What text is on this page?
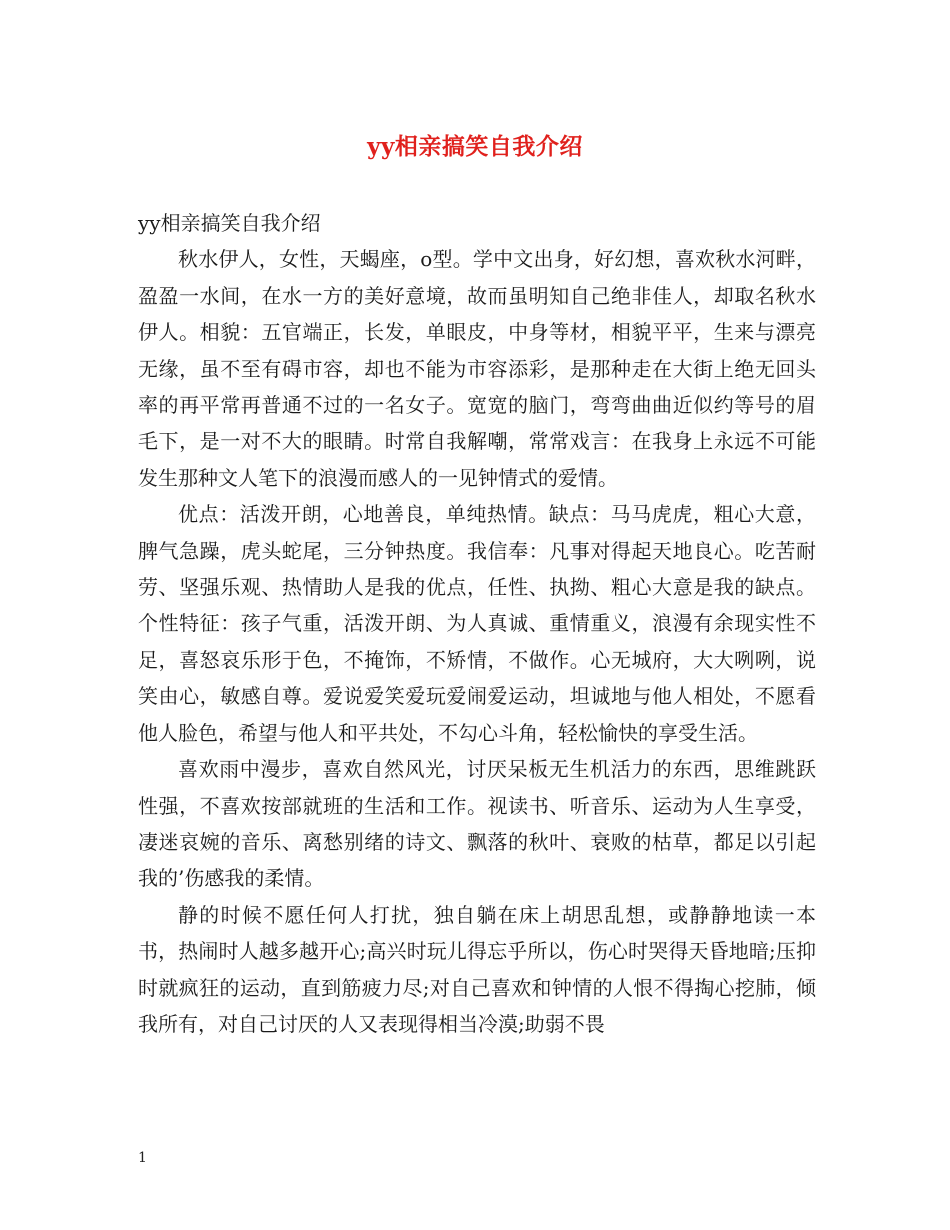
yy相亲搞笑自我介绍

yy相亲搞笑自我介绍

秋水伊人，女性，天蝎座，o型。学中文出身，好幻想，喜欢秋水河畔，盈盈一水间，在水一方的美好意境，故而虽明知自己绝非佳人，却取名秋水伊人。相貌：五官端正，长发，单眼皮，中身等材，相貌平平，生来与漂亮无缘，虽不至有碍市容，却也不能为市容添彩，是那种走在大街上绝无回头率的再平常再普通不过的一名女子。宽宽的脑门，弯弯曲曲近似约等号的眉毛下，是一对不大的眼睛。时常自我解嘲，常常戏言：在我身上永远不可能发生那种文人笔下的浪漫而感人的一见钟情式的爱情。

优点：活泼开朗，心地善良，单纯热情。缺点：马马虎虎，粗心大意，脾气急躁，虎头蛇尾，三分钟热度。我信奉：凡事对得起天地良心。吃苦耐劳、坚强乐观、热情助人是我的优点，任性、执拗、粗心大意是我的缺点。个性特征：孩子气重，活泼开朗、为人真诚、重情重义，浪漫有余现实性不足，喜怒哀乐形于色，不掩饰，不矫情，不做作。心无城府，大大咧咧，说笑由心，敏感自尊。爱说爱笑爱玩爱闹爱运动，坦诚地与他人相处，不愿看他人脸色，希望与他人和平共处，不勾心斗角，轻松愉快的享受生活。

喜欢雨中漫步，喜欢自然风光，讨厌呆板无生机活力的东西，思维跳跃性强，不喜欢按部就班的生活和工作。视读书、听音乐、运动为人生享受，凄迷哀婉的音乐、离愁别绪的诗文、飘落的秋叶、衰败的枯草，都足以引起我的’伤感我的柔情。

静的时候不愿任何人打扰，独自躺在床上胡思乱想，或静静地读一本书，热闹时人越多越开心;高兴时玩儿得忘乎所以，伤心时哭得天昏地暗;压抑时就疯狂的运动，直到筋疲力尽;对自己喜欢和钟情的人恨不得掏心挖肺，倾我所有，对自己讨厌的人又表现得相当冷漠;助弱不畏

1
